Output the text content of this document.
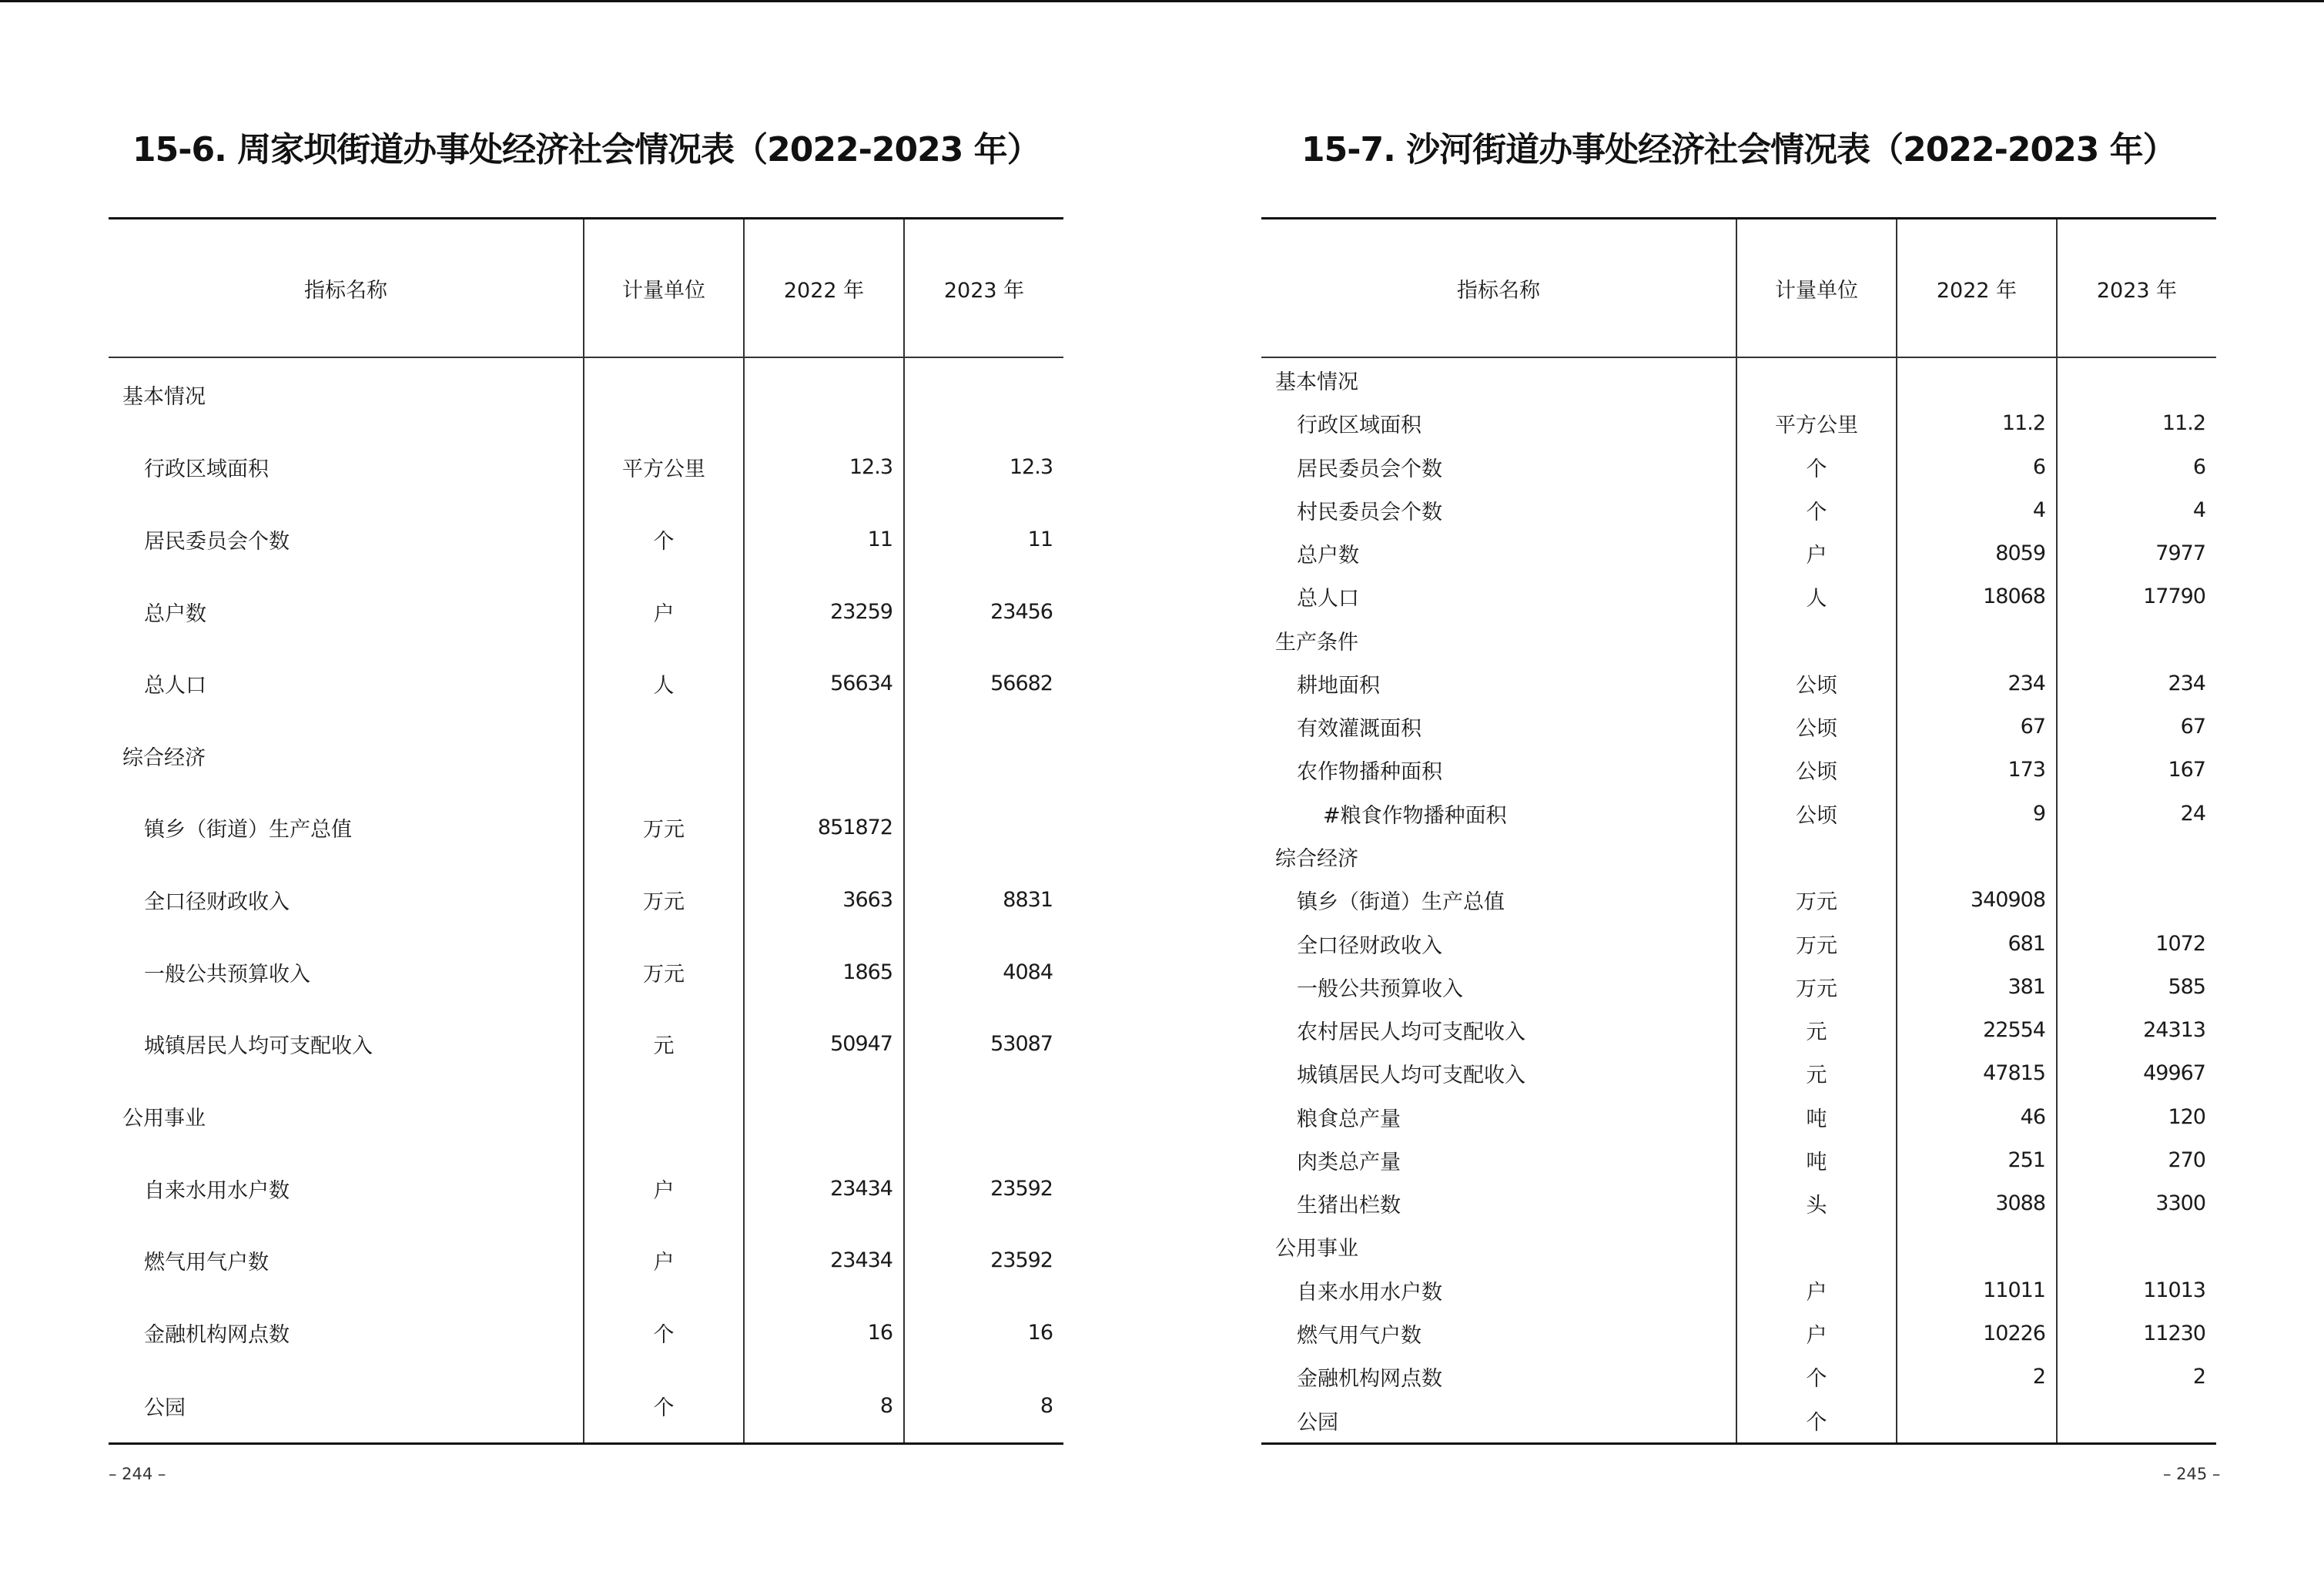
15-6. 周家坝街道办事处经济社会情况表（2022-2023 年）
指标名称	计量单位	2022 年	2023 年
基本情况			
行政区域面积	平方公里	12.3	12.3
居民委员会个数	个	11	11
总户数	户	23259	23456
总人口	人	56634	56682
综合经济			
镇乡（街道）生产总值	万元	851872	
全口径财政收入	万元	3663	8831
一般公共预算收入	万元	1865	4084
城镇居民人均可支配收入	元	50947	53087
公用事业			
自来水用水户数	户	23434	23592
燃气用气户数	户	23434	23592
金融机构网点数	个	16	16
公园	个	8	8
– 244 –
15-7. 沙河街道办事处经济社会情况表（2022-2023 年）
指标名称	计量单位	2022 年	2023 年
基本情况			
行政区域面积	平方公里	11.2	11.2
居民委员会个数	个	6	6
村民委员会个数	个	4	4
总户数	户	8059	7977
总人口	人	18068	17790
生产条件			
耕地面积	公顷	234	234
有效灌溉面积	公顷	67	67
农作物播种面积	公顷	173	167
#粮食作物播种面积	公顷	9	24
综合经济			
镇乡（街道）生产总值	万元	340908	
全口径财政收入	万元	681	1072
一般公共预算收入	万元	381	585
农村居民人均可支配收入	元	22554	24313
城镇居民人均可支配收入	元	47815	49967
粮食总产量	吨	46	120
肉类总产量	吨	251	270
生猪出栏数	头	3088	3300
公用事业			
自来水用水户数	户	11011	11013
燃气用气户数	户	10226	11230
金融机构网点数	个	2	2
公园	个		
– 245 –
